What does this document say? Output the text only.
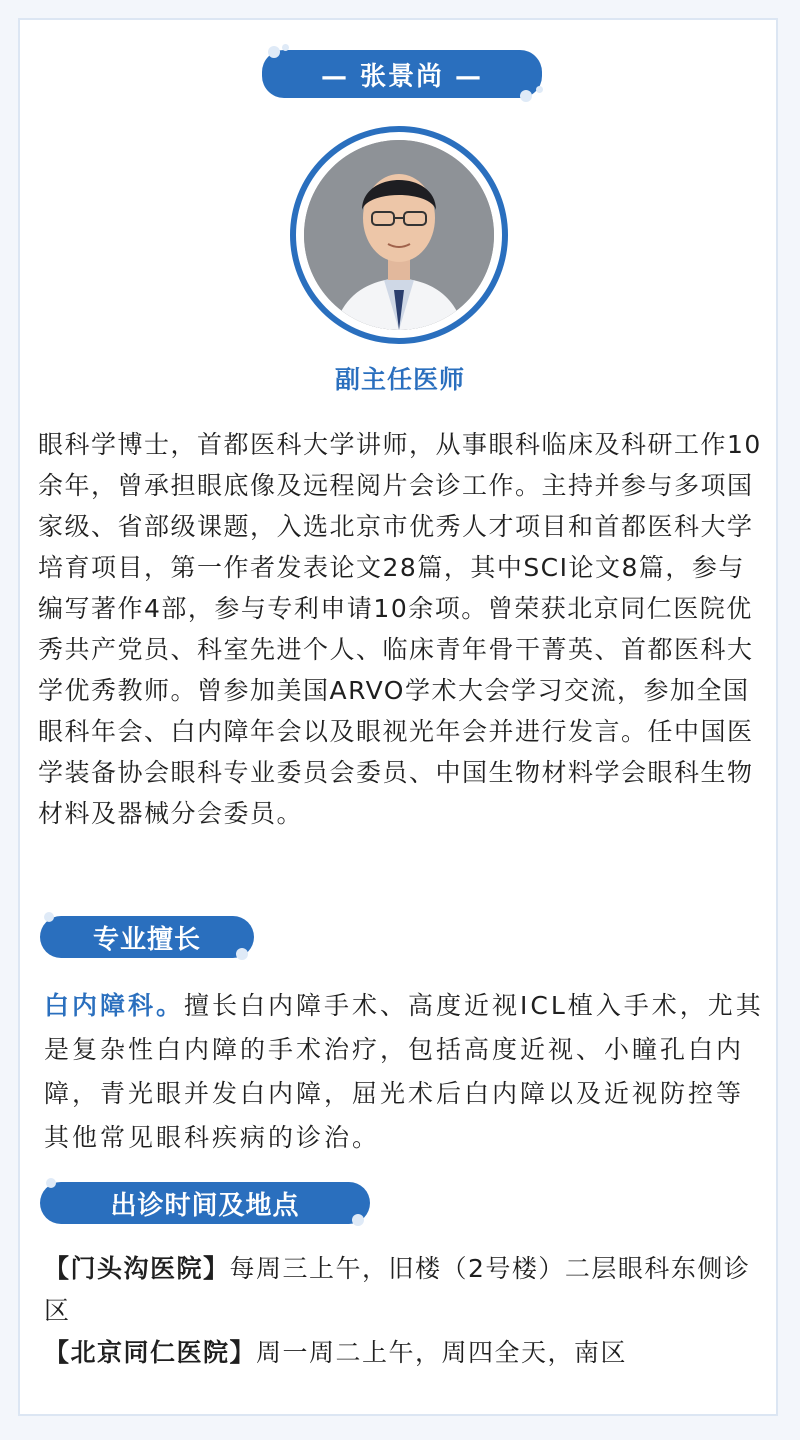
— 张景尚 —
副主任医师
眼科学博士，首都医科大学讲师，从事眼科临床及科研工作10余年，曾承担眼底像及远程阅片会诊工作。主持并参与多项国家级、省部级课题，入选北京市优秀人才项目和首都医科大学培育项目，第一作者发表论文28篇，其中SCI论文8篇，参与编写著作4部，参与专利申请10余项。曾荣获北京同仁医院优秀共产党员、科室先进个人、临床青年骨干菁英、首都医科大学优秀教师。曾参加美国ARVO学术大会学习交流，参加全国眼科年会、白内障年会以及眼视光年会并进行发言。任中国医学装备协会眼科专业委员会委员、中国生物材料学会眼科生物材料及器械分会委员。
专业擅长
白内障科。擅长白内障手术、高度近视ICL植入手术，尤其是复杂性白内障的手术治疗，包括高度近视、小瞳孔白内障，青光眼并发白内障，屈光术后白内障以及近视防控等其他常见眼科疾病的诊治。
出诊时间及地点
【门头沟医院】每周三上午，旧楼（2号楼）二层眼科东侧诊区
【北京同仁医院】周一周二上午，周四全天，南区
